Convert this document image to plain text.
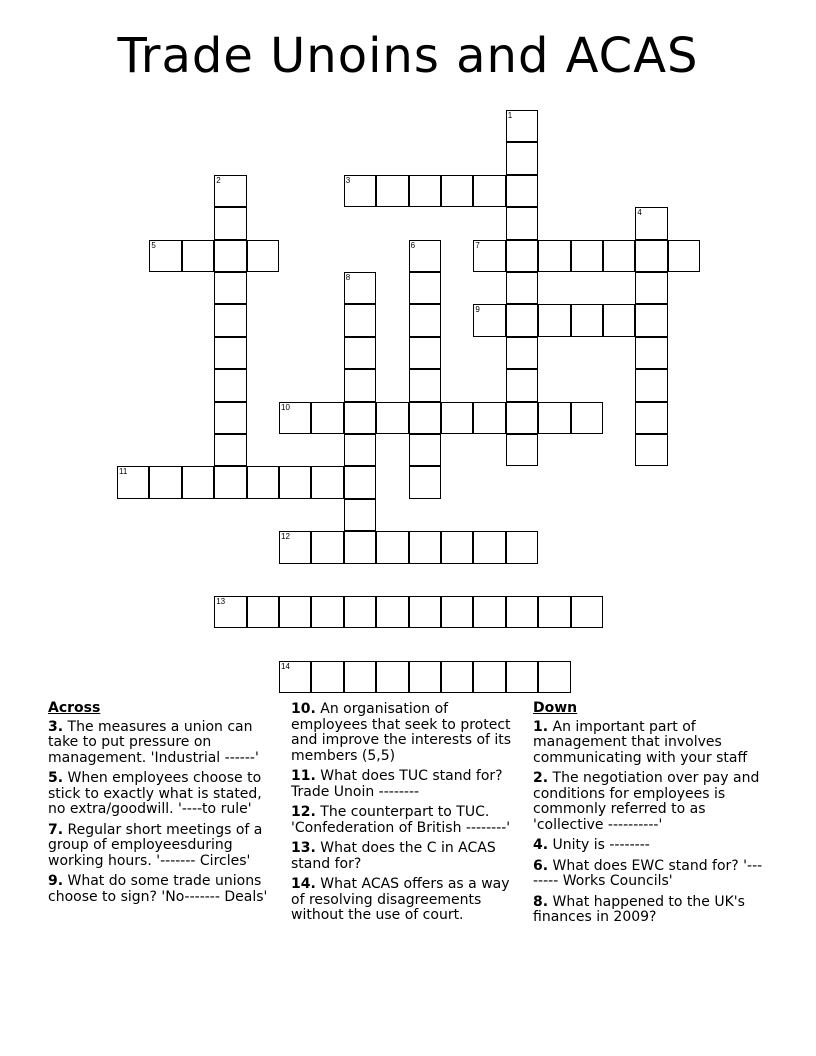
Trade Unoins and ACAS
1
2	3
4
5	6	7
8
9
10
11
12
13
14
Across
3. The measures a union can take to put pressure on management. 'Industrial ------'
5. When employees choose to stick to exactly what is stated, no extra/goodwill. '----to rule'
7. Regular short meetings of a group of employeesduring working hours. '------- Circles'
9. What do some trade unions choose to sign? 'No------- Deals'
10. An organisation of employees that seek to protect and improve the interests of its members (5,5)
11. What does TUC stand for? Trade Unoin --------
12. The counterpart to TUC. 'Confederation of British --------'
13. What does the C in ACAS stand for?
14. What ACAS offers as a way of resolving disagreements without the use of court.
Down
1. An important part of management that involves communicating with your staff
2. The negotiation over pay and conditions for employees is commonly referred to as 'collective ----------'
4. Unity is --------
6. What does EWC stand for? '-------- Works Councils'
8. What happened to the UK's finances in 2009?
